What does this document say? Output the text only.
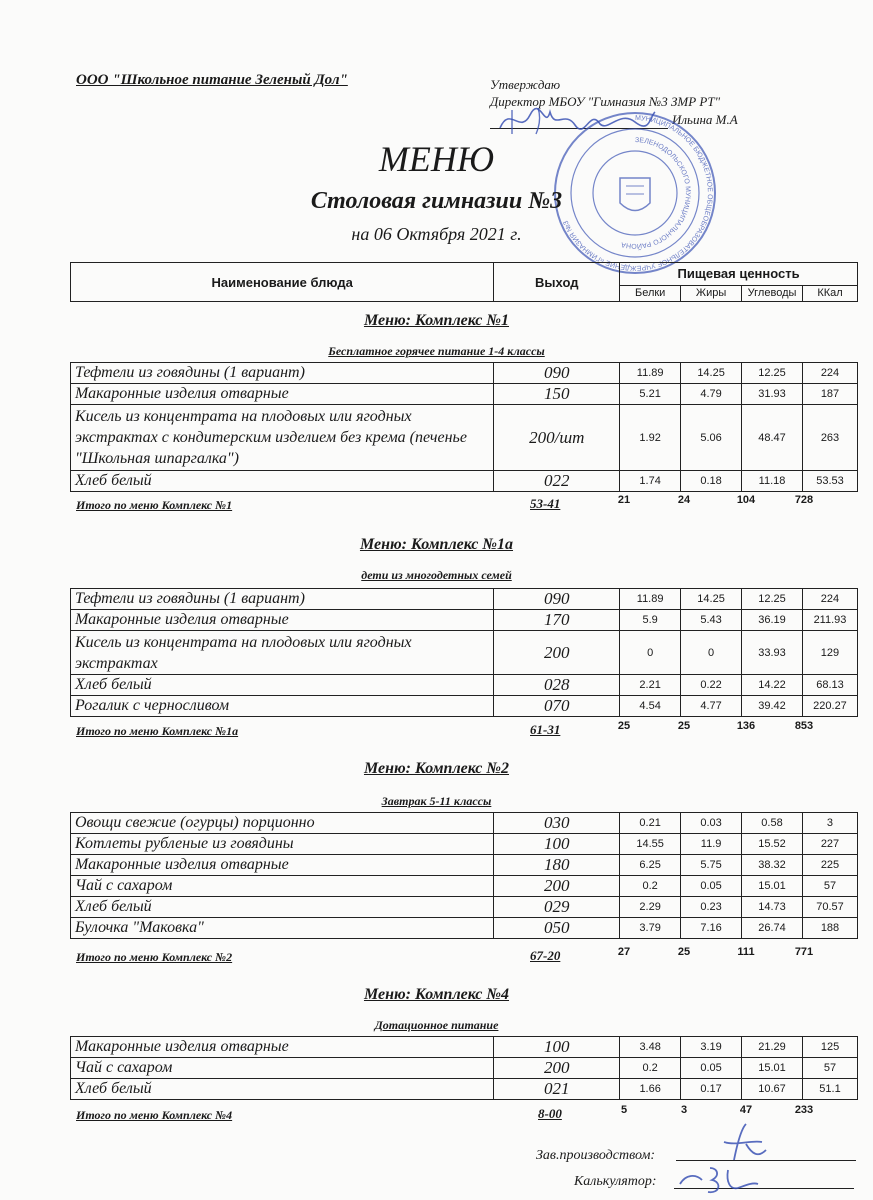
ООО "Школьное питание Зеленый Дол"	Утверждаю
Директор МБОУ "Гимназия №3 ЗМР РТ"
Ильина М.А
МУНИЦИПАЛЬНОЕ БЮДЖЕТНОЕ ОБЩЕОБРАЗОВАТЕЛЬНОЕ УЧРЕЖДЕНИЕ «ГИМНАЗИЯ №3
ЗЕЛЕНОДОЛЬСКОГО МУНИЦИПАЛЬНОГО РАЙОНА
МЕНЮ
Столовая гимназии №3
на 06 Октября 2021 г.
Наименование блюда	Выход	Пищевая ценность			
		Белки	Жиры	Углеводы	ККал
Меню: Комплекс №1
Бесплатное горячее питание 1-4 классы
Тефтели из говядины (1 вариант)	090	11.89	14.25	12.25	224
Макаронные изделия отварные	150	5.21	4.79	31.93	187
Кисель из концентрата на плодовых или ягодных экстрактах с кондитерским изделием без крема (печенье "Школьная шпаргалка")	200/шт	1.92	5.06	48.47	263
Хлеб белый	022	1.74	0.18	11.18	53.53
Итого по меню Комплекс №1	53-41	21	24	104	728
Меню: Комплекс №1а
дети из многодетных семей
Тефтели из говядины (1 вариант)	090	11.89	14.25	12.25	224
Макаронные изделия отварные	170	5.9	5.43	36.19	211.93
Кисель из концентрата на плодовых или ягодных экстрактах	200	0	0	33.93	129
Хлеб белый	028	2.21	0.22	14.22	68.13
Рогалик с черносливом	070	4.54	4.77	39.42	220.27
Итого по меню Комплекс №1а	61-31	25	25	136	853
Меню: Комплекс №2
Завтрак 5-11 классы
Овощи свежие (огурцы) порционно	030	0.21	0.03	0.58	3
Котлеты рубленые из говядины	100	14.55	11.9	15.52	227
Макаронные изделия отварные	180	6.25	5.75	38.32	225
Чай с сахаром	200	0.2	0.05	15.01	57
Хлеб белый	029	2.29	0.23	14.73	70.57
Булочка "Маковка"	050	3.79	7.16	26.74	188
Итого по меню Комплекс №2	67-20	27	25	111	771
Меню: Комплекс №4
Дотационное питание
Макаронные изделия отварные	100	3.48	3.19	21.29	125
Чай с сахаром	200	0.2	0.05	15.01	57
Хлеб белый	021	1.66	0.17	10.67	51.1
Итого по меню Комплекс №4	8-00	5	3	47	233
Зав.производством:
Калькулятор:
